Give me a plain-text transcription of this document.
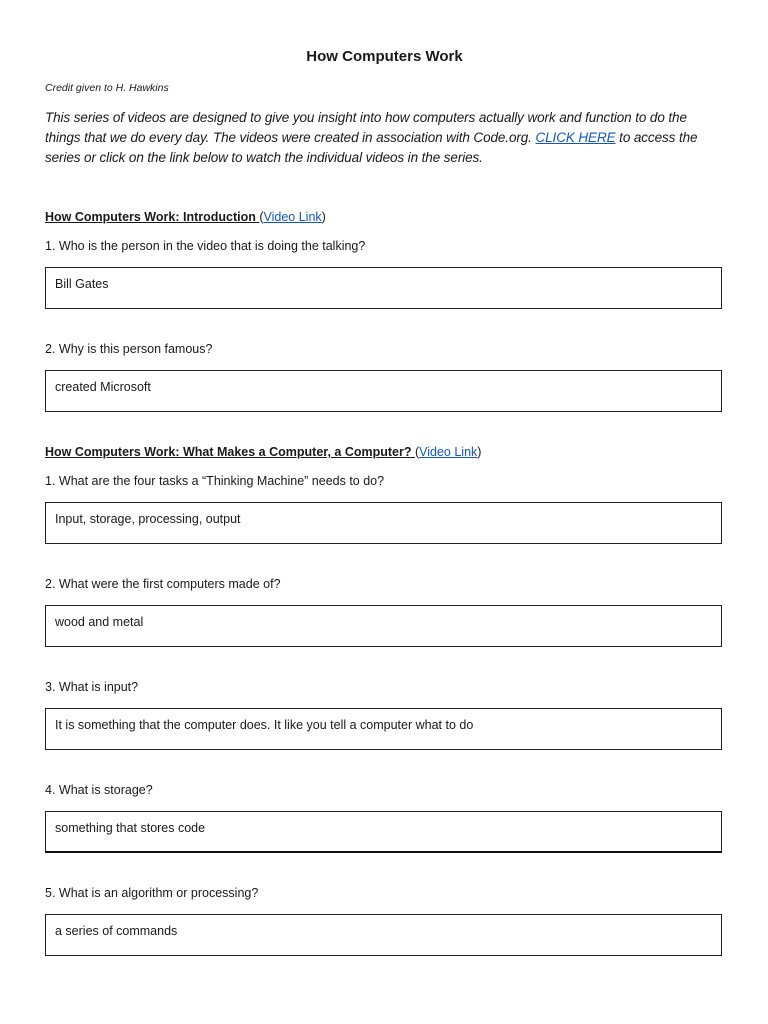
How Computers Work
Credit given to H. Hawkins
This series of videos are designed to give you insight into how computers actually work and function to do the things that we do every day. The videos were created in association with Code.org. CLICK HERE to access the series or click on the link below to watch the individual videos in the series.
How Computers Work: Introduction (Video Link)
1. Who is the person in the video that is doing the talking?
Bill Gates
2. Why is this person famous?
created Microsoft
How Computers Work: What Makes a Computer, a Computer? (Video Link)
1. What are the four tasks a “Thinking Machine” needs to do?
Input, storage, processing, output
2. What were the first computers made of?
wood and metal
3. What is input?
It is something that the computer does. It like you tell a computer what to do
4. What is storage?
something that stores code
5. What is an algorithm or processing?
a series of commands
